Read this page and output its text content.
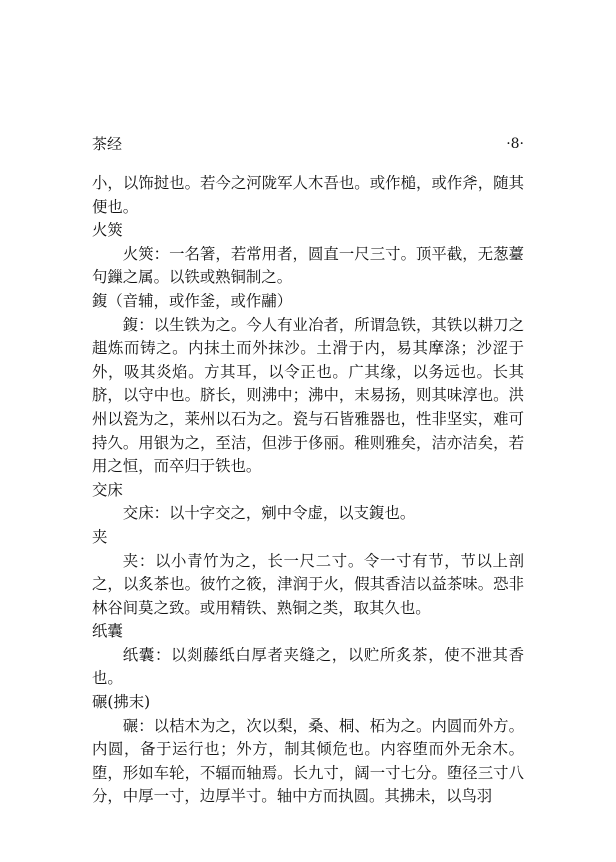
茶经	·8·

小，以饰挝也。若今之河陇军人木吾也。或作槌，或作斧，随其便也。

火筴

火筴：一名箸，若常用者，圆直一尺三寸。顶平截，无葱薹句鏁之属。以铁或熟铜制之。

鍑（音辅，或作釜，或作鬴）

鍑：以生铁为之。今人有业冶者，所谓急铁，其铁以耕刀之趄炼而铸之。内抹土而外抹沙。土滑于内，易其摩涤；沙涩于外，吸其炎焰。方其耳，以令正也。广其缘，以务远也。长其脐，以守中也。脐长，则沸中；沸中，末易扬，则其味淳也。洪州以瓷为之，莱州以石为之。瓷与石皆雅器也，性非坚实，难可持久。用银为之，至洁，但涉于侈丽。稚则雅矣，洁亦洁矣，若用之恒，而卒归于铁也。

交床

交床：以十字交之，剜中令虚，以支鍑也。

夹

夹：以小青竹为之，长一尺二寸。令一寸有节，节以上剖之，以炙茶也。彼竹之筱，津润于火，假其香洁以益茶味。恐非林谷间莫之致。或用精铁、熟铜之类，取其久也。

纸囊

纸囊：以剡藤纸白厚者夹缝之，以贮所炙茶，使不泄其香也。

碾(拂末)

碾：以桔木为之，次以梨，桑、桐、柘为之。内圆而外方。内圆，备于运行也；外方，制其倾危也。内容堕而外无余木。堕，形如车轮，不辐而轴焉。长九寸，阔一寸七分。堕径三寸八分，中厚一寸，边厚半寸。轴中方而执圆。其拂未，以鸟羽
